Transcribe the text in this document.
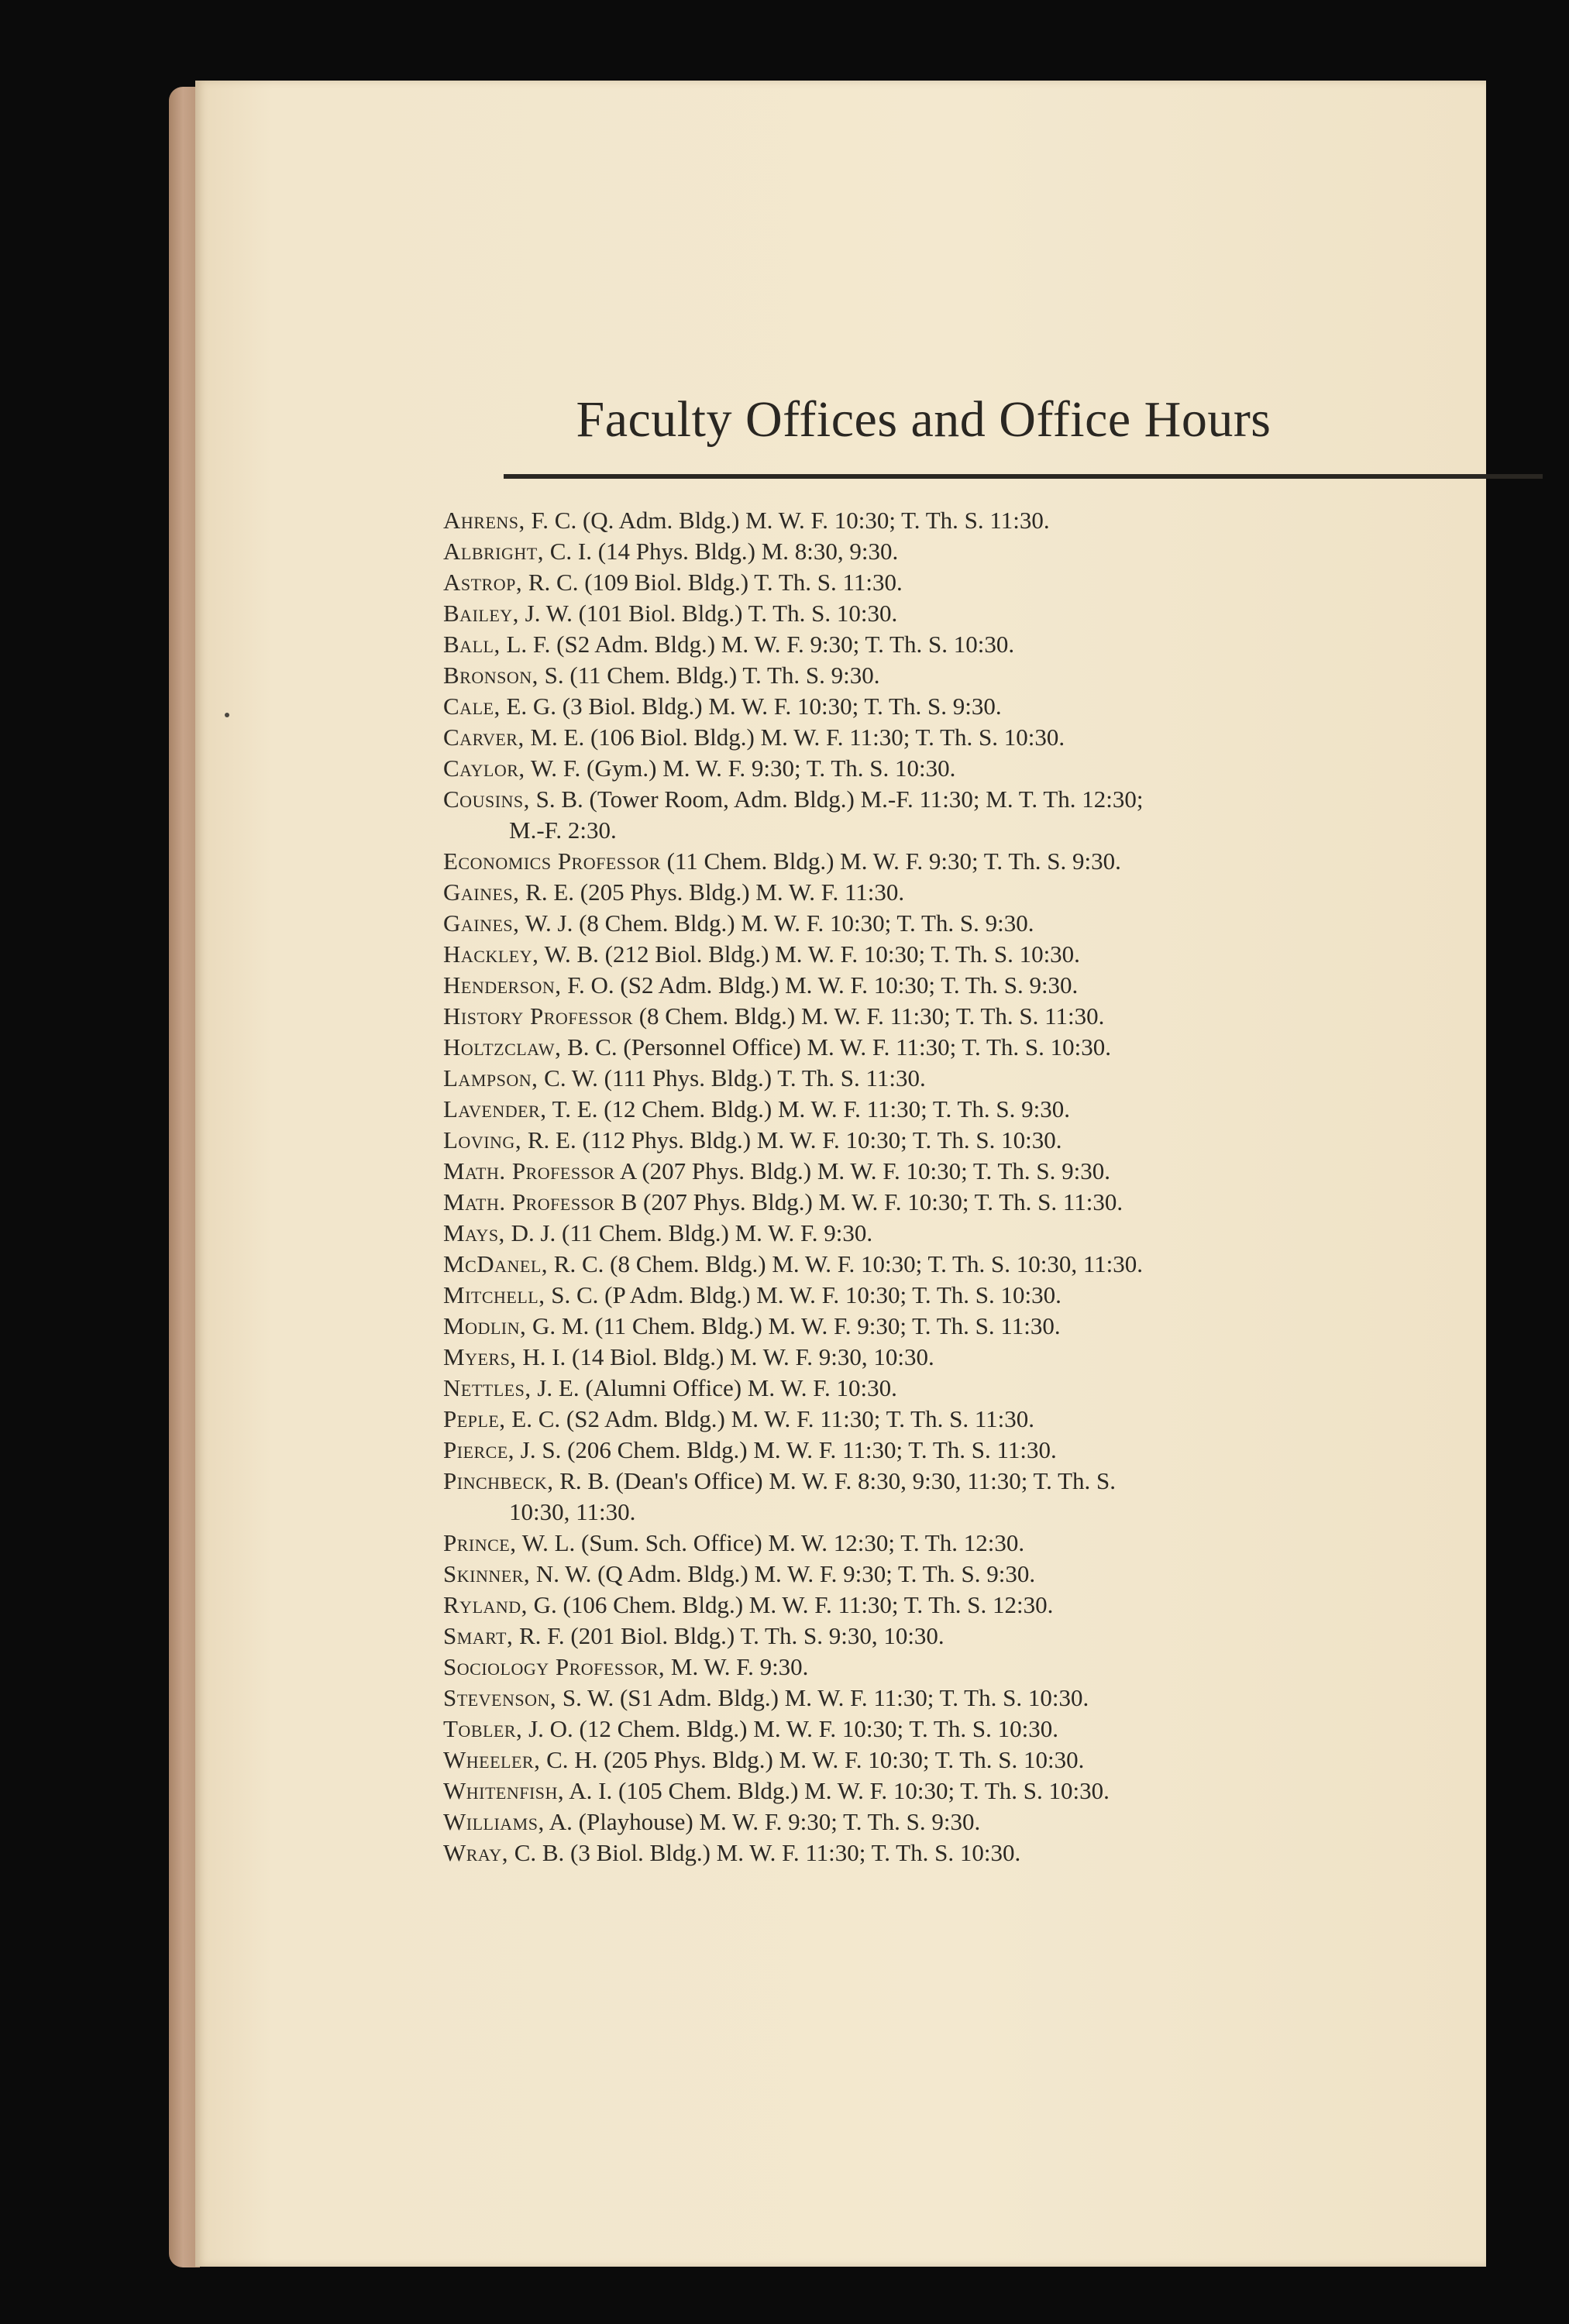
Faculty Offices and Office Hours
Ahrens, F. C. (Q. Adm. Bldg.) M. W. F. 10:30; T. Th. S. 11:30.
Albright, C. I. (14 Phys. Bldg.) M. 8:30, 9:30.
Astrop, R. C. (109 Biol. Bldg.) T. Th. S. 11:30.
Bailey, J. W. (101 Biol. Bldg.) T. Th. S. 10:30.
Ball, L. F. (S2 Adm. Bldg.) M. W. F. 9:30; T. Th. S. 10:30.
Bronson, S. (11 Chem. Bldg.) T. Th. S. 9:30.
Cale, E. G. (3 Biol. Bldg.) M. W. F. 10:30; T. Th. S. 9:30.
Carver, M. E. (106 Biol. Bldg.) M. W. F. 11:30; T. Th. S. 10:30.
Caylor, W. F. (Gym.) M. W. F. 9:30; T. Th. S. 10:30.
Cousins, S. B. (Tower Room, Adm. Bldg.) M.-F. 11:30; M. T. Th. 12:30;
M.-F. 2:30.
Economics Professor (11 Chem. Bldg.) M. W. F. 9:30; T. Th. S. 9:30.
Gaines, R. E. (205 Phys. Bldg.) M. W. F. 11:30.
Gaines, W. J. (8 Chem. Bldg.) M. W. F. 10:30; T. Th. S. 9:30.
Hackley, W. B. (212 Biol. Bldg.) M. W. F. 10:30; T. Th. S. 10:30.
Henderson, F. O. (S2 Adm. Bldg.) M. W. F. 10:30; T. Th. S. 9:30.
History Professor (8 Chem. Bldg.) M. W. F. 11:30; T. Th. S. 11:30.
Holtzclaw, B. C. (Personnel Office) M. W. F. 11:30; T. Th. S. 10:30.
Lampson, C. W. (111 Phys. Bldg.) T. Th. S. 11:30.
Lavender, T. E. (12 Chem. Bldg.) M. W. F. 11:30; T. Th. S. 9:30.
Loving, R. E. (112 Phys. Bldg.) M. W. F. 10:30; T. Th. S. 10:30.
Math. Professor A (207 Phys. Bldg.) M. W. F. 10:30; T. Th. S. 9:30.
Math. Professor B (207 Phys. Bldg.) M. W. F. 10:30; T. Th. S. 11:30.
Mays, D. J. (11 Chem. Bldg.) M. W. F. 9:30.
McDanel, R. C. (8 Chem. Bldg.) M. W. F. 10:30; T. Th. S. 10:30, 11:30.
Mitchell, S. C. (P Adm. Bldg.) M. W. F. 10:30; T. Th. S. 10:30.
Modlin, G. M. (11 Chem. Bldg.) M. W. F. 9:30; T. Th. S. 11:30.
Myers, H. I. (14 Biol. Bldg.) M. W. F. 9:30, 10:30.
Nettles, J. E. (Alumni Office) M. W. F. 10:30.
Peple, E. C. (S2 Adm. Bldg.) M. W. F. 11:30; T. Th. S. 11:30.
Pierce, J. S. (206 Chem. Bldg.) M. W. F. 11:30; T. Th. S. 11:30.
Pinchbeck, R. B. (Dean's Office) M. W. F. 8:30, 9:30, 11:30; T. Th. S.
10:30, 11:30.
Prince, W. L. (Sum. Sch. Office) M. W. 12:30; T. Th. 12:30.
Skinner, N. W. (Q Adm. Bldg.) M. W. F. 9:30; T. Th. S. 9:30.
Ryland, G. (106 Chem. Bldg.) M. W. F. 11:30; T. Th. S. 12:30.
Smart, R. F. (201 Biol. Bldg.) T. Th. S. 9:30, 10:30.
Sociology Professor, M. W. F. 9:30.
Stevenson, S. W. (S1 Adm. Bldg.) M. W. F. 11:30; T. Th. S. 10:30.
Tobler, J. O. (12 Chem. Bldg.) M. W. F. 10:30; T. Th. S. 10:30.
Wheeler, C. H. (205 Phys. Bldg.) M. W. F. 10:30; T. Th. S. 10:30.
Whitenfish, A. I. (105 Chem. Bldg.) M. W. F. 10:30; T. Th. S. 10:30.
Williams, A. (Playhouse) M. W. F. 9:30; T. Th. S. 9:30.
Wray, C. B. (3 Biol. Bldg.) M. W. F. 11:30; T. Th. S. 10:30.
